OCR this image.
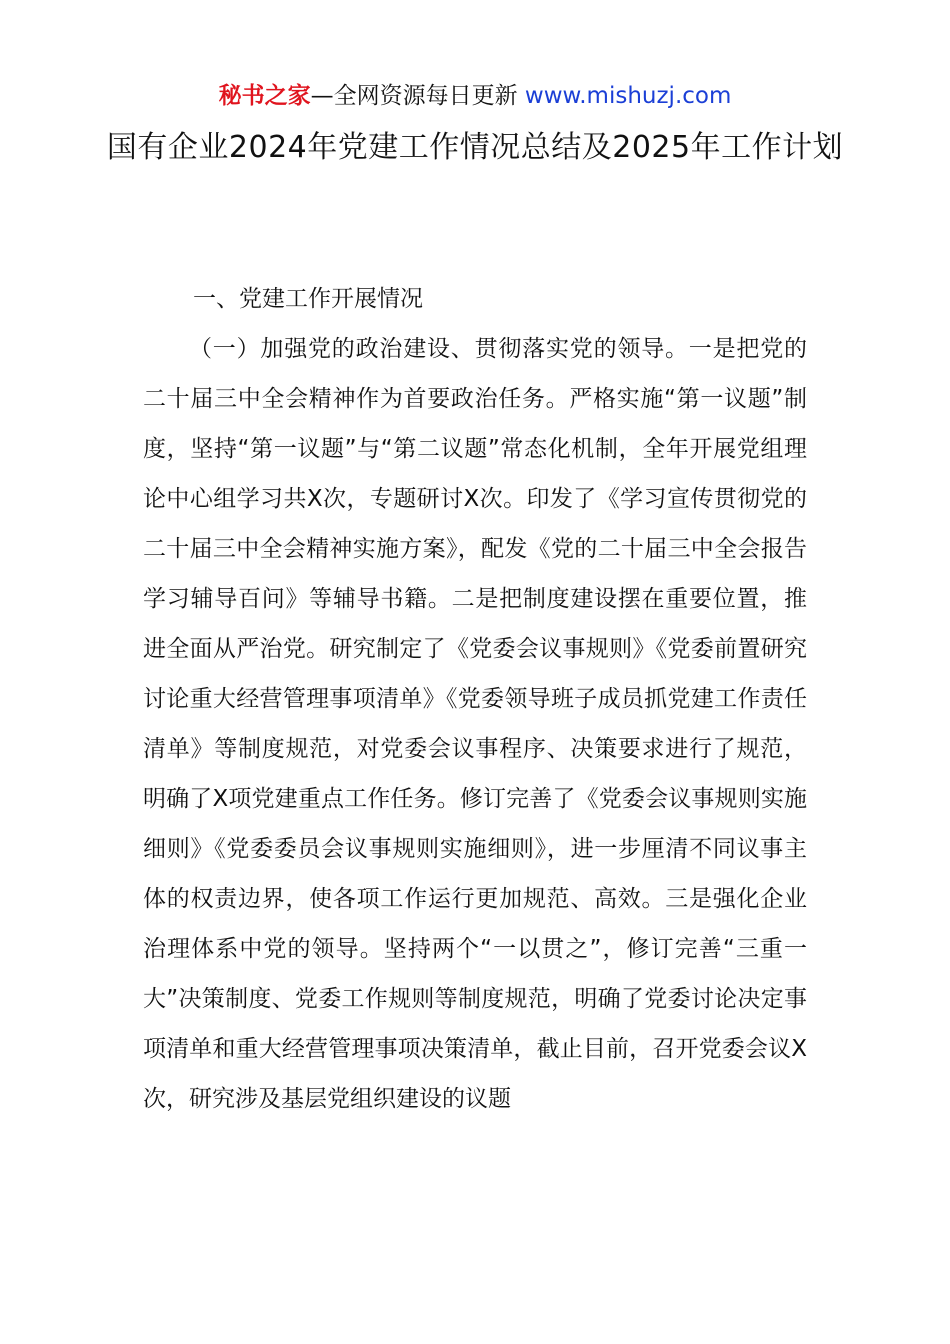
秘书之家—全网资源每日更新 www.mishuzj.com
国有企业2024年党建工作情况总结及2025年工作计划

一、党建工作开展情况

（一）加强党的政治建设、贯彻落实党的领导。一是把党的二十届三中全会精神作为首要政治任务。严格实施“第一议题”制度，坚持“第一议题”与“第二议题”常态化机制，全年开展党组理论中心组学习共X次，专题研讨X次。印发了《学习宣传贯彻党的二十届三中全会精神实施方案》，配发《党的二十届三中全会报告学习辅导百问》等辅导书籍。二是把制度建设摆在重要位置，推进全面从严治党。研究制定了《党委会议事规则》《党委前置研究讨论重大经营管理事项清单》《党委领导班子成员抓党建工作责任清单》等制度规范，对党委会议事程序、决策要求进行了规范，明确了X项党建重点工作任务。修订完善了《党委会议事规则实施细则》《党委委员会议事规则实施细则》，进一步厘清不同议事主体的权责边界，使各项工作运行更加规范、高效。三是强化企业治理体系中党的领导。坚持两个“一以贯之”，修订完善“三重一大”决策制度、党委工作规则等制度规范，明确了党委讨论决定事项清单和重大经营管理事项决策清单，截止目前，召开党委会议X次，研究涉及基层党组织建设的议题
